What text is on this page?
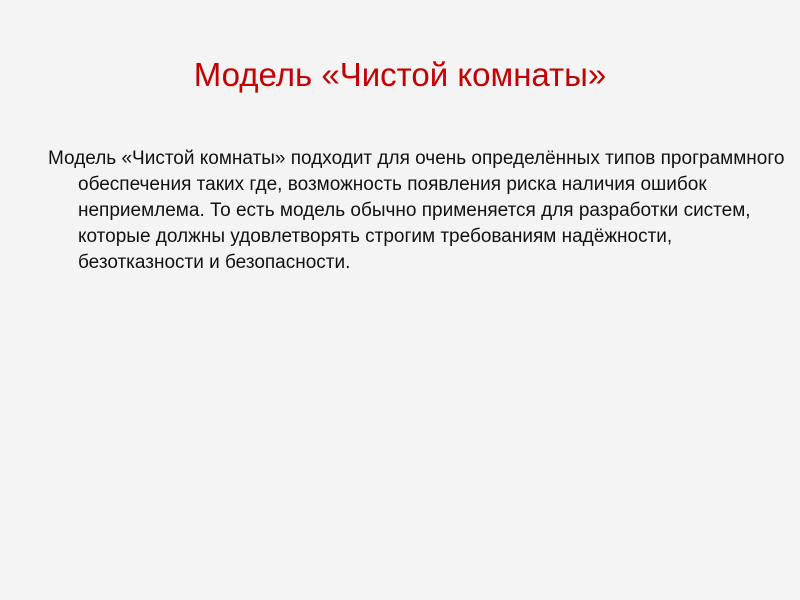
Модель «Чистой комнаты»

Модель «Чистой комнаты» подходит для очень определённых типов программного обеспечения таких где, возможность появления риска наличия ошибок неприемлема. То есть модель обычно применяется для разработки систем, которые должны удовлетворять строгим требованиям надёжности, безотказности и безопасности.
